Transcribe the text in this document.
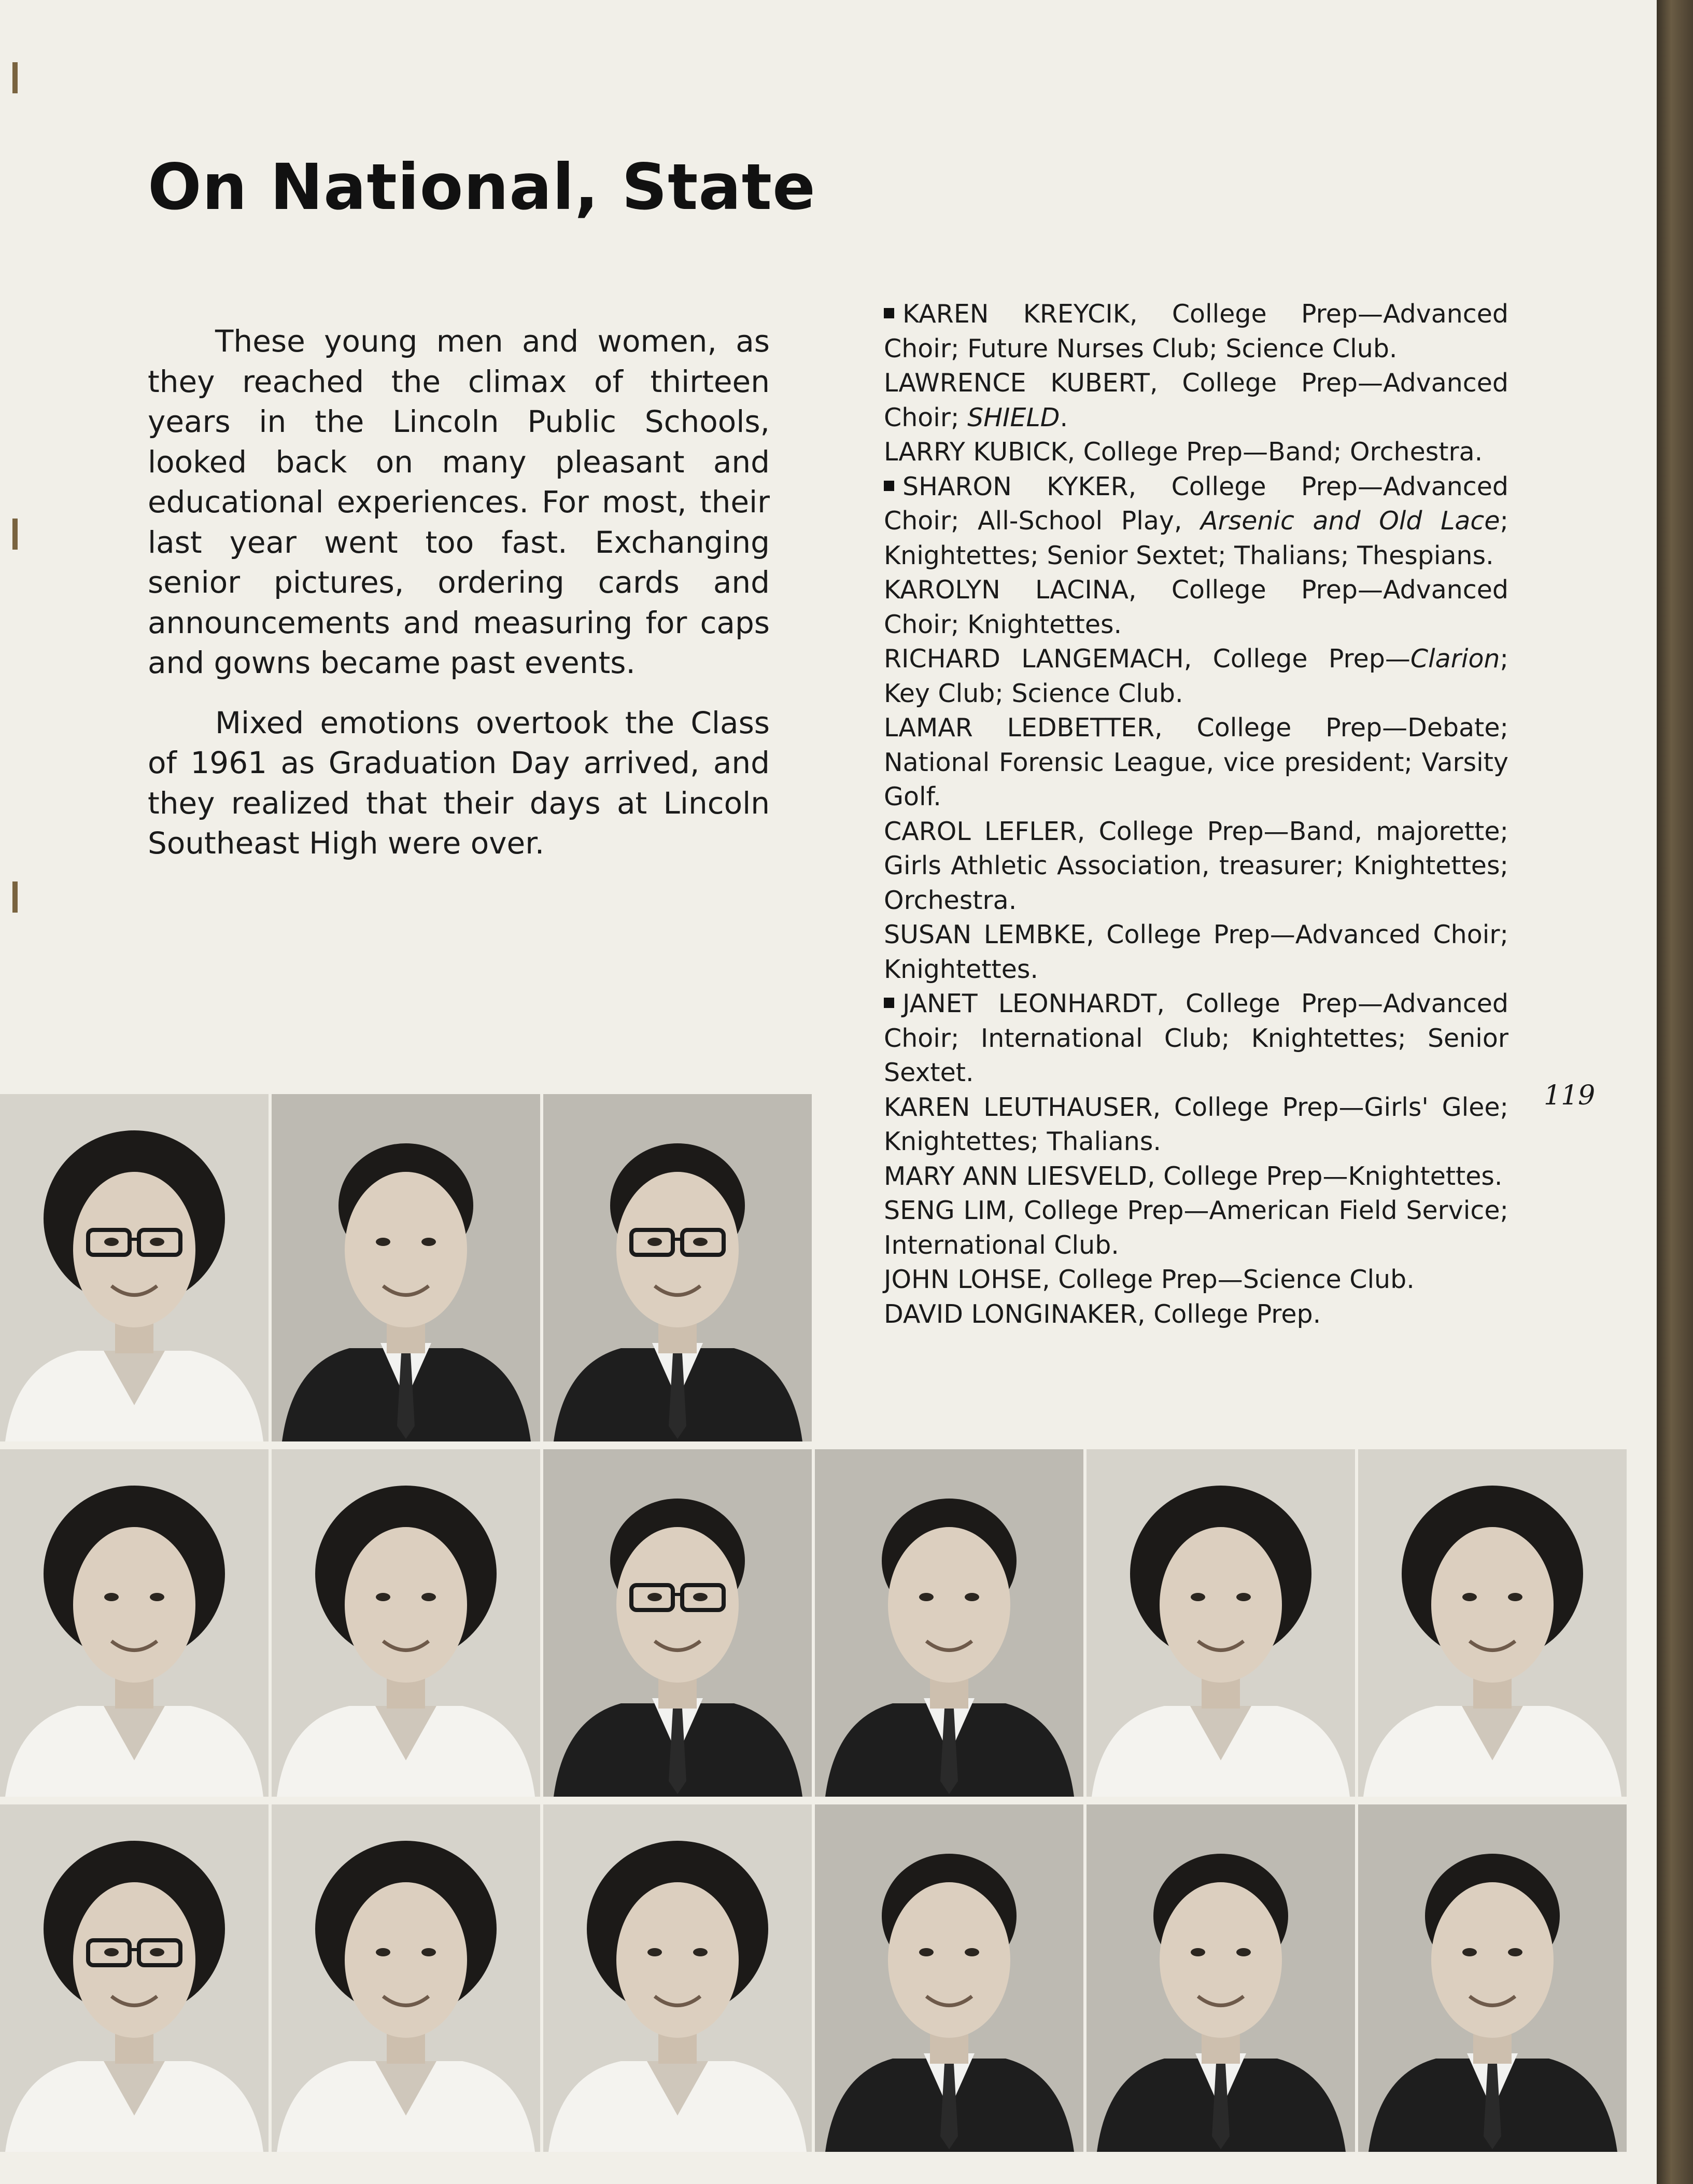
On National, State

These young men and women, as they reached the climax of thirteen years in the Lincoln Public Schools, looked back on many pleasant and educational experiences. For most, their last year went too fast. Exchanging senior pictures, ordering cards and announcements and measuring for caps and gowns became past events.

Mixed emotions overtook the Class of 1961 as Graduation Day arrived, and they realized that their days at Lincoln Southeast High were over.

KAREN KREYCIK, College Prep—Advanced Choir; Future Nurses Club; Science Club.

LAWRENCE KUBERT, College Prep—Advanced Choir; SHIELD.

LARRY KUBICK, College Prep—Band; Orchestra.

SHARON KYKER, College Prep—Advanced Choir; All-School Play, Arsenic and Old Lace; Knightettes; Senior Sextet; Thalians; Thespians.

KAROLYN LACINA, College Prep—Advanced Choir; Knightettes.

RICHARD LANGEMACH, College Prep—Clarion; Key Club; Science Club.

LAMAR LEDBETTER, College Prep—Debate; National Forensic League, vice president; Varsity Golf.

CAROL LEFLER, College Prep—Band, majorette; Girls Athletic Association, treasurer; Knightettes; Orchestra.

SUSAN LEMBKE, College Prep—Advanced Choir; Knightettes.

JANET LEONHARDT, College Prep—Advanced Choir; International Club; Knightettes; Senior Sextet.

KAREN LEUTHAUSER, College Prep—Girls' Glee; Knightettes; Thalians.

MARY ANN LIESVELD, College Prep—Knightettes.

SENG LIM, College Prep—American Field Service; International Club.

JOHN LOHSE, College Prep—Science Club.

DAVID LONGINAKER, College Prep.

119
